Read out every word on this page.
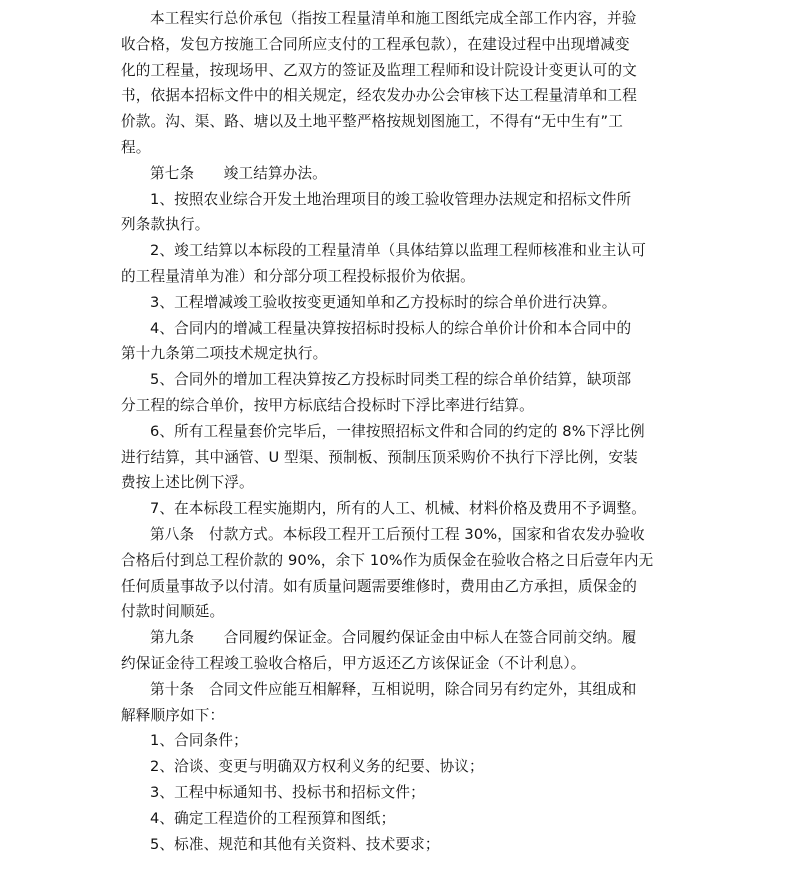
本工程实行总价承包（指按工程量清单和施工图纸完成全部工作内容，并验
收合格，发包方按施工合同所应支付的工程承包款），在建设过程中出现增减变
化的工程量，按现场甲、乙双方的签证及监理工程师和设计院设计变更认可的文
书，依据本招标文件中的相关规定，经农发办办公会审核下达工程量清单和工程
价款。沟、渠、路、塘以及土地平整严格按规划图施工，不得有“无中生有”工
程。
第七条　　竣工结算办法。
1、按照农业综合开发土地治理项目的竣工验收管理办法规定和招标文件所
列条款执行。
2、竣工结算以本标段的工程量清单（具体结算以监理工程师核准和业主认可
的工程量清单为准）和分部分项工程投标报价为依据。
3、工程增减竣工验收按变更通知单和乙方投标时的综合单价进行决算。
4、合同内的增减工程量决算按招标时投标人的综合单价计价和本合同中的
第十九条第二项技术规定执行。
5、合同外的增加工程决算按乙方投标时同类工程的综合单价结算，缺项部
分工程的综合单价，按甲方标底结合投标时下浮比率进行结算。
6、所有工程量套价完毕后，一律按照招标文件和合同的约定的 8%下浮比例
进行结算，其中涵管、U 型渠、预制板、预制压顶采购价不执行下浮比例，安装
费按上述比例下浮。
7、在本标段工程实施期内，所有的人工、机械、材料价格及费用不予调整。
第八条　付款方式。本标段工程开工后预付工程 30%，国家和省农发办验收
合格后付到总工程价款的 90%，余下 10%作为质保金在验收合格之日后壹年内无
任何质量事故予以付清。如有质量问题需要维修时，费用由乙方承担，质保金的
付款时间顺延。
第九条　　合同履约保证金。合同履约保证金由中标人在签合同前交纳。履
约保证金待工程竣工验收合格后，甲方返还乙方该保证金（不计利息）。
第十条　合同文件应能互相解释，互相说明，除合同另有约定外，其组成和
解释顺序如下：
1、合同条件；
2、洽谈、变更与明确双方权利义务的纪要、协议；
3、工程中标通知书、投标书和招标文件；
4、确定工程造价的工程预算和图纸；
5、标准、规范和其他有关资料、技术要求；
